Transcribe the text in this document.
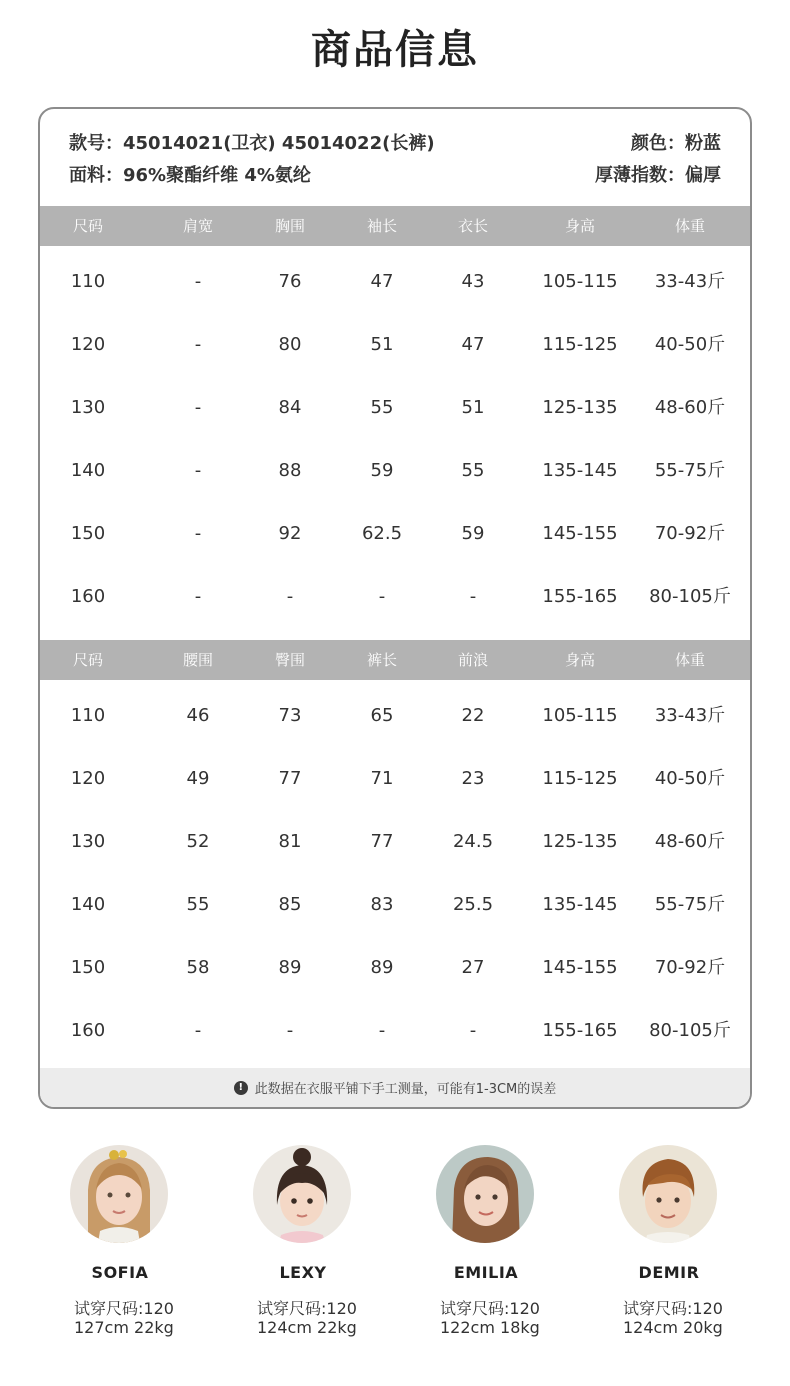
商品信息
款号：45014021(卫衣) 45014022(长裤)
面料：96%聚酯纤维 4%氨纶
颜色：粉蓝
厚薄指数：偏厚
尺码	肩宽	胸围	袖长	衣长	身高	体重
110	-	76	47	43	105-115	33-43斤
120	-	80	51	47	115-125	40-50斤
130	-	84	55	51	125-135	48-60斤
140	-	88	59	55	135-145	55-75斤
150	-	92	62.5	59	145-155	70-92斤
160	-	-	-	-	155-165	80-105斤
尺码	腰围	臀围	裤长	前浪	身高	体重
110	46	73	65	22	105-115	33-43斤
120	49	77	71	23	115-125	40-50斤
130	52	81	77	24.5	125-135	48-60斤
140	55	85	83	25.5	135-145	55-75斤
150	58	89	89	27	145-155	70-92斤
160	-	-	-	-	155-165	80-105斤
! 此数据在衣服平铺下手工测量，可能有1-3CM的误差
SOFIA
试穿尺码:120
127cm 22kg
LEXY
试穿尺码:120
124cm 22kg
EMILIA
试穿尺码:120
122cm 18kg
DEMIR
试穿尺码:120
124cm 20kg
